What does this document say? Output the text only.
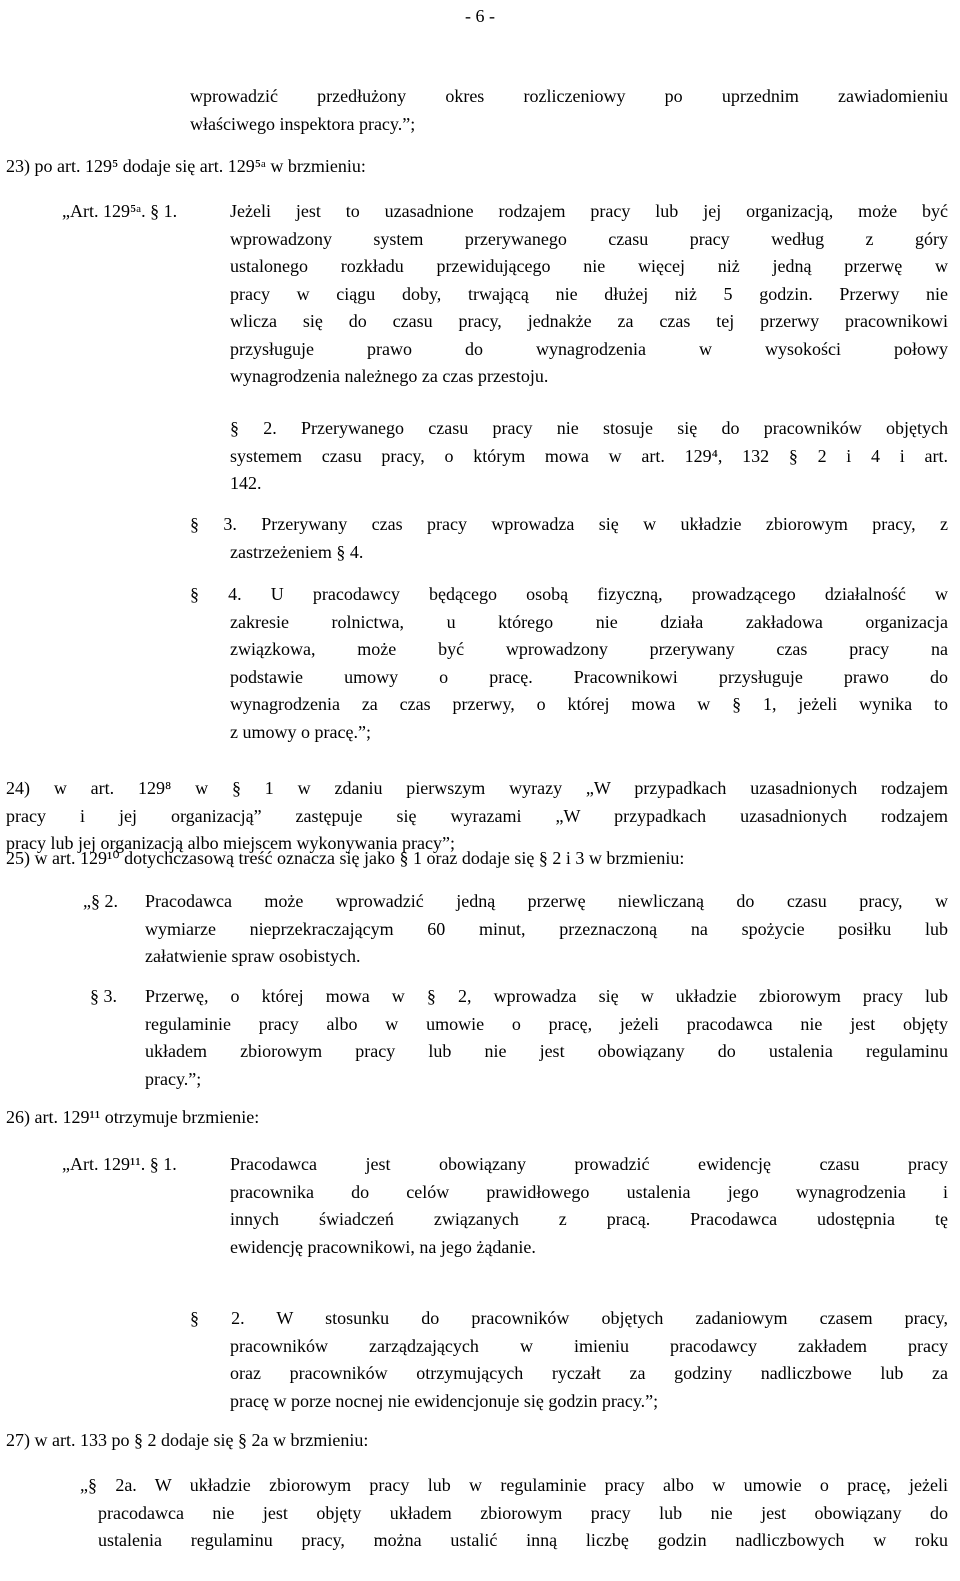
- 6 -
wprowadzić przedłużony okres rozliczeniowy po uprzednim zawiadomieniu
właściwego inspektora pracy.”;
23) po art. 129⁵ dodaje się art. 129⁵ᵃ w brzmieniu:
„Art. 129⁵ᵃ. § 1.	Jeżeli jest to uzasadnione rodzajem pracy lub jej organizacją, może być
wprowadzony system przerywanego czasu pracy według z góry
ustalonego rozkładu przewidującego nie więcej niż jedną przerwę w
pracy w ciągu doby, trwającą nie dłużej niż 5 godzin. Przerwy nie
wlicza się do czasu pracy, jednakże za czas tej przerwy pracownikowi
przysługuje prawo do wynagrodzenia w wysokości połowy
wynagrodzenia należnego za czas przestoju.
§ 2. Przerywanego czasu pracy nie stosuje się do pracowników objętych
systemem czasu pracy, o którym mowa w art. 129⁴, 132 § 2 i 4 i art.
142.
§ 3. Przerywany czas pracy wprowadza się w układzie zbiorowym pracy, z
zastrzeżeniem § 4.
§ 4. U pracodawcy będącego osobą fizyczną, prowadzącego działalność w
zakresie rolnictwa, u którego nie działa zakładowa organizacja
związkowa, może być wprowadzony przerywany czas pracy na
podstawie umowy o pracę. Pracownikowi przysługuje prawo do
wynagrodzenia za czas przerwy, o której mowa w § 1, jeżeli wynika to
z umowy o pracę.”;
24) w art. 129⁸ w § 1 w zdaniu pierwszym wyrazy „W przypadkach uzasadnionych rodzajem
pracy i jej organizacją” zastępuje się wyrazami „W przypadkach uzasadnionych rodzajem
pracy lub jej organizacją albo miejscem wykonywania pracy”;
25) w art. 129¹⁰ dotychczasową treść oznacza się jako § 1 oraz dodaje się § 2 i 3 w brzmieniu:
„§ 2. Pracodawca może wprowadzić jedną przerwę niewliczaną do czasu pracy, w
wymiarze nieprzekraczającym 60 minut, przeznaczoną na spożycie posiłku lub
załatwienie spraw osobistych.
§ 3. Przerwę, o której mowa w § 2, wprowadza się w układzie zbiorowym pracy lub
regulaminie pracy albo w umowie o pracę, jeżeli pracodawca nie jest objęty
układem zbiorowym pracy lub nie jest obowiązany do ustalenia regulaminu
pracy.”;
26) art. 129¹¹ otrzymuje brzmienie:
„Art. 129¹¹. § 1.	Pracodawca jest obowiązany prowadzić ewidencję czasu pracy
pracownika do celów prawidłowego ustalenia jego wynagrodzenia i
innych świadczeń związanych z pracą. Pracodawca udostępnia tę
ewidencję pracownikowi, na jego żądanie.
§ 2. W stosunku do pracowników objętych zadaniowym czasem pracy,
pracowników zarządzających w imieniu pracodawcy zakładem pracy
oraz pracowników otrzymujących ryczałt za godziny nadliczbowe lub za
pracę w porze nocnej nie ewidencjonuje się godzin pracy.”;
27) w art. 133 po § 2 dodaje się § 2a w brzmieniu:
„§ 2a. W układzie zbiorowym pracy lub w regulaminie pracy albo w umowie o pracę, jeżeli
pracodawca nie jest objęty układem zbiorowym pracy lub nie jest obowiązany do
ustalenia regulaminu pracy, można ustalić inną liczbę godzin nadliczbowych w roku
